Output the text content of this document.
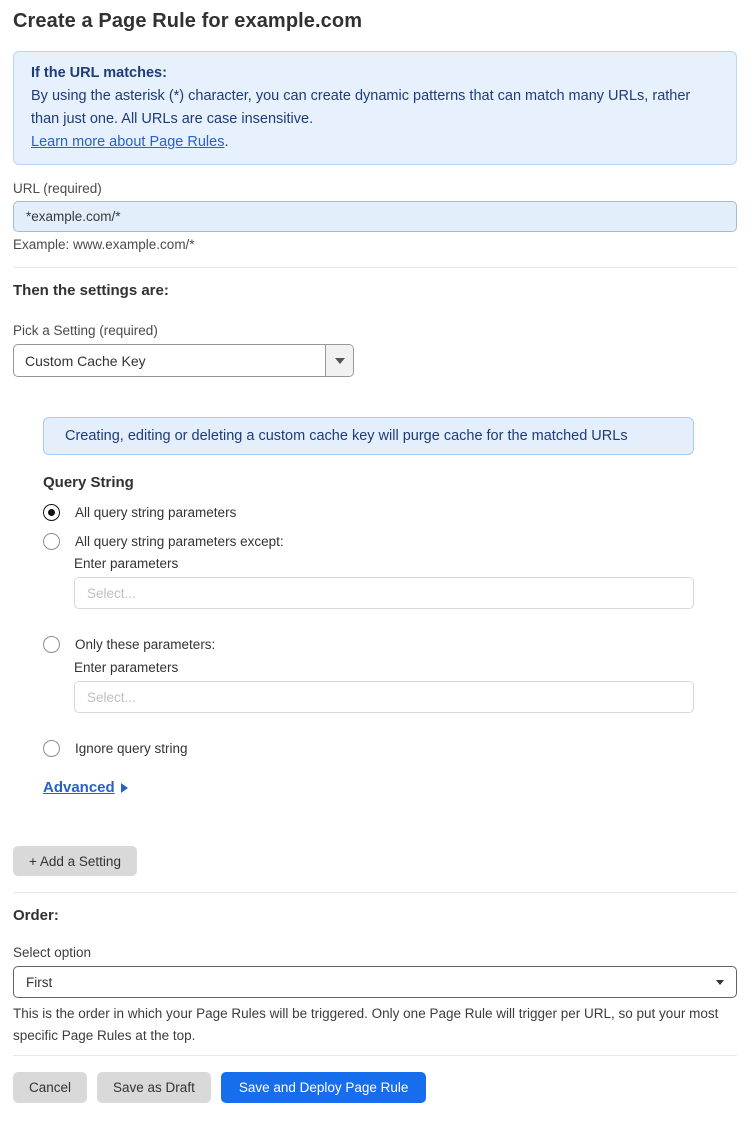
Create a Page Rule for example.com
If the URL matches:
By using the asterisk (*) character, you can create dynamic patterns that can match many URLs, rather than just one. All URLs are case insensitive.
Learn more about Page Rules.
URL (required)
*example.com/*
Example: www.example.com/*
Then the settings are:
Pick a Setting (required)
Custom Cache Key
Creating, editing or deleting a custom cache key will purge cache for the matched URLs
Query String
All query string parameters
All query string parameters except:
Enter parameters
Select...
Only these parameters:
Enter parameters
Select...
Ignore query string
Advanced
+ Add a Setting
Order:
Select option
First

This is the order in which your Page Rules will be triggered. Only one Page Rule will trigger per URL, so put your most specific Page Rules at the top.

Cancel	Save as Draft	Save and Deploy Page Rule
